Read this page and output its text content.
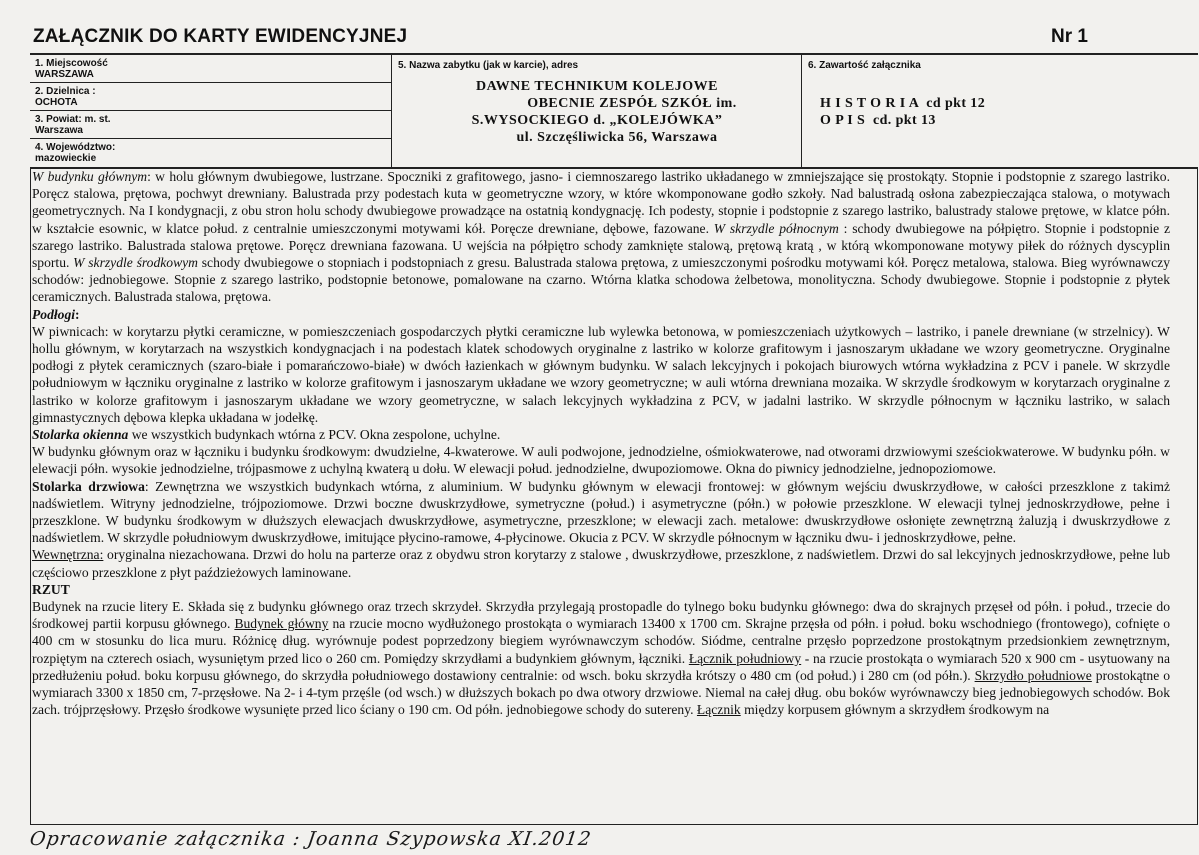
ZAŁĄCZNIK DO KARTY EWIDENCYJNEJ	Nr 1
1. Miejscowość
WARSZAWA
2. Dzielnica :
OCHOTA
3. Powiat: m. st.
Warszawa
4. Województwo:
mazowieckie
5. Nazwa zabytku (jak w karcie), adres
DAWNE TECHNIKUM KOLEJOWE
OBECNIE ZESPÓŁ SZKÓŁ im.
S.WYSOCKIEGO d. „KOLEJÓWKA”
ul. Szczęśliwicka 56, Warszawa
6. Zawartość załącznika
H I S T O R I A  cd pkt 12
O P I S  cd. pkt 13

W budynku głównym: w holu głównym dwubiegowe, lustrzane. Spoczniki z grafitowego, jasno- i ciemnoszarego lastriko układanego w zmniejszające się prostokąty. Stopnie i podstopnie z szarego lastriko. Poręcz stalowa, prętowa, pochwyt drewniany. Balustrada przy podestach kuta w geometryczne wzory, w które wkomponowane godło szkoły. Nad balustradą osłona zabezpieczająca stalowa, o motywach geometrycznych. Na I kondygnacji, z obu stron holu schody dwubiegowe prowadzące na ostatnią kondygnację. Ich podesty, stopnie i podstopnie z szarego lastriko, balustrady stalowe prętowe, w klatce półn. w kształcie esownic, w klatce połud. z centralnie umieszczonymi motywami kół. Poręcze drewniane, dębowe, fazowane. W skrzydle północnym : schody dwubiegowe na półpiętro. Stopnie i podstopnie z szarego lastriko. Balustrada stalowa prętowe. Poręcz drewniana fazowana. U wejścia na półpiętro schody zamknięte stalową, prętową kratą , w którą wkomponowane motywy piłek do różnych dyscyplin sportu. W skrzydle środkowym schody dwubiegowe o stopniach i podstopniach z gresu. Balustrada stalowa prętowa, z umieszczonymi pośrodku motywami kół. Poręcz metalowa, stalowa. Bieg wyrównawczy schodów: jednobiegowe. Stopnie z szarego lastriko, podstopnie betonowe, pomalowane na czarno. Wtórna klatka schodowa żelbetowa, monolityczna. Schody dwubiegowe. Stopnie i podstopnie z płytek ceramicznych. Balustrada stalowa, prętowa.

Podłogi:

W piwnicach: w korytarzu płytki ceramiczne, w pomieszczeniach gospodarczych płytki ceramiczne lub wylewka betonowa, w pomieszczeniach użytkowych – lastriko, i panele drewniane (w strzelnicy). W hollu głównym, w korytarzach na wszystkich kondygnacjach i na podestach klatek schodowych oryginalne z lastriko w kolorze grafitowym i jasnoszarym układane we wzory geometryczne. Oryginalne podłogi z płytek ceramicznych (szaro-białe i pomarańczowo-białe) w dwóch łazienkach w głównym budynku. W salach lekcyjnych i pokojach biurowych wtórna wykładzina z PCV i panele. W skrzydle południowym w łączniku oryginalne z lastriko w kolorze grafitowym i jasnoszarym układane we wzory geometryczne; w auli wtórna drewniana mozaika. W skrzydle środkowym w korytarzach oryginalne z lastriko w kolorze grafitowym i jasnoszarym układane we wzory geometryczne, w salach lekcyjnych wykładzina z PCV, w jadalni lastriko. W skrzydle północnym w łączniku lastriko, w salach gimnastycznych dębowa klepka układana w jodełkę.

Stolarka okienna we wszystkich budynkach wtórna z PCV. Okna zespolone, uchylne.

W budynku głównym oraz w łączniku i budynku środkowym: dwudzielne, 4-kwaterowe. W auli podwojone, jednodzielne, ośmiokwaterowe, nad otworami drzwiowymi sześciokwaterowe. W budynku półn. w elewacji półn. wysokie jednodzielne, trójpasmowe z uchylną kwaterą u dołu. W elewacji połud. jednodzielne, dwupoziomowe. Okna do piwnicy jednodzielne, jednopoziomowe.

Stolarka drzwiowa: Zewnętrzna we wszystkich budynkach wtórna, z aluminium. W budynku głównym w elewacji frontowej: w głównym wejściu dwuskrzydłowe, w całości przeszklone z takimż nadświetlem. Witryny jednodzielne, trójpoziomowe. Drzwi boczne dwuskrzydłowe, symetryczne (połud.) i asymetryczne (półn.) w połowie przeszklone. W elewacji tylnej jednoskrzydłowe, pełne i przeszklone. W budynku środkowym w dłuższych elewacjach dwuskrzydłowe, asymetryczne, przeszklone; w elewacji zach. metalowe: dwuskrzydłowe osłonięte zewnętrzną żaluzją i dwuskrzydłowe z nadświetlem. W skrzydle południowym dwuskrzydłowe, imitujące płycino-ramowe, 4-płycinowe. Okucia z PCV. W skrzydle północnym w łączniku dwu- i jednoskrzydłowe, pełne.

Wewnętrzna: oryginalna niezachowana. Drzwi do holu na parterze oraz z obydwu stron korytarzy z stalowe , dwuskrzydłowe, przeszklone, z nadświetlem. Drzwi do sal lekcyjnych jednoskrzydłowe, pełne lub częściowo przeszklone z płyt paździeżowych laminowane.

RZUT

Budynek na rzucie litery E. Składa się z budynku głównego oraz trzech skrzydeł. Skrzydła przylegają prostopadle do tylnego boku budynku głównego: dwa do skrajnych przęseł od półn. i połud., trzecie do środkowej partii korpusu głównego. Budynek główny na rzucie mocno wydłużonego prostokąta o wymiarach 13400 x 1700 cm. Skrajne przęsła od półn. i połud. boku wschodniego (frontowego), cofnięte o 400 cm w stosunku do lica muru. Różnicę dług. wyrównuje podest poprzedzony biegiem wyrównawczym schodów. Siódme, centralne przęsło poprzedzone prostokątnym przedsionkiem zewnętrznym, rozpiętym na czterech osiach, wysuniętym przed lico o 260 cm. Pomiędzy skrzydłami a budynkiem głównym, łączniki. Łącznik południowy - na rzucie prostokąta o wymiarach 520 x 900 cm - usytuowany na przedłużeniu połud. boku korpusu głównego, do skrzydła południowego dostawiony centralnie: od wsch. boku skrzydła krótszy o 480 cm (od połud.) i 280 cm (od półn.). Skrzydło południowe prostokątne o wymiarach 3300 x 1850 cm, 7-przęsłowe. Na 2- i 4-tym przęśle (od wsch.) w dłuższych bokach po dwa otwory drzwiowe. Niemal na całej dług. obu boków wyrównawczy bieg jednobiegowych schodów. Bok zach. trójprzęsłowy. Przęsło środkowe wysunięte przed lico ściany o 190 cm. Od półn. jednobiegowe schody do sutereny. Łącznik między korpusem głównym a skrzydłem środkowym na

Opracowanie załącznika : Joanna Szypowska XI.2012
